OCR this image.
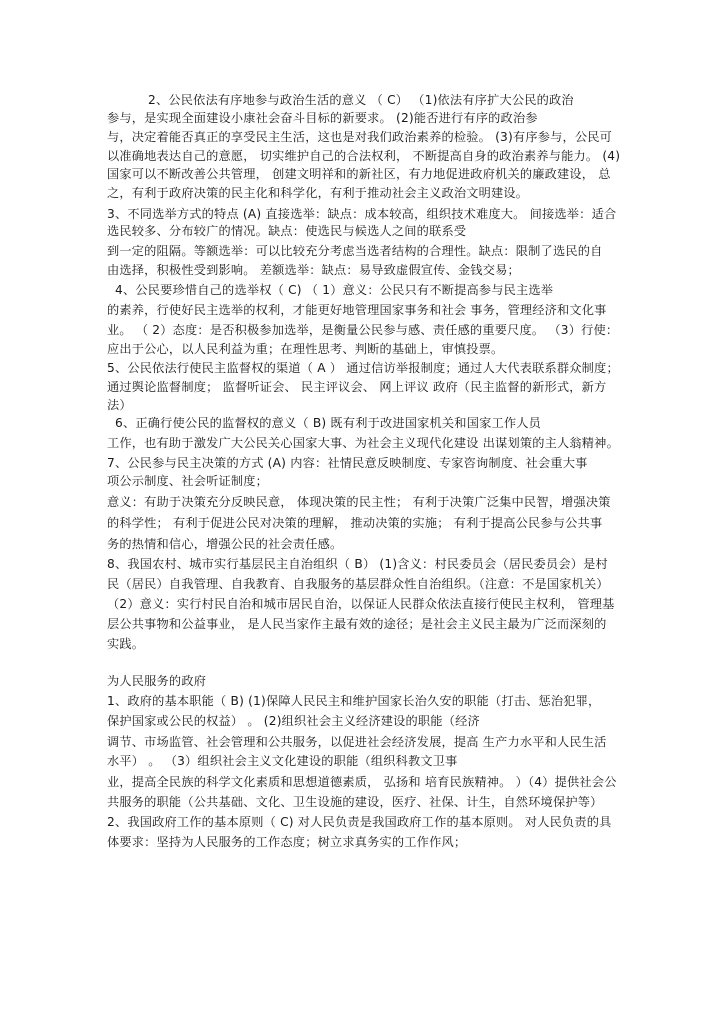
2、公民依法有序地参与政治生活的意义 （ C） （1)依法有序扩大公民的政治
参与，是实现全面建设小康社会奋斗目标的新要求。 (2)能否进行有序的政治参
与，决定着能否真正的享受民主生活，这也是对我们政治素养的检验。 (3)有序参与，公民可
以准确地表达自己的意愿， 切实维护自己的合法权利， 不断提高自身的政治素养与能力。 (4)
国家可以不断改善公共管理， 创建文明祥和的新社区，有力地促进政府机关的廉政建设， 总
之，有利于政府决策的民主化和科学化，有利于推动社会主义政治文明建设。
3、不同选举方式的特点 (A) 直接选举：缺点：成本较高，组织技术难度大。 间接选举：适合
选民较多、分布较广的情况。缺点：使选民与候选人之间的联系受
到一定的阻隔。等额选举：可以比较充分考虑当选者结构的合理性。缺点：限制了选民的自
由选择，积极性受到影响。 差额选举：缺点：易导致虚假宣传、金钱交易；
4、公民要珍惜自己的选举权（ C) （ 1）意义：公民只有不断提高参与民主选举
的素养，行使好民主选举的权利，才能更好地管理国家事务和社会 事务，管理经济和文化事
业。 （ 2）态度：是否积极参加选举，是衡量公民参与感、责任感的重要尺度。 （3）行使：
应出于公心，以人民利益为重；在理性思考、判断的基础上，审慎投票。
5、公民依法行使民主监督权的渠道（ A ） 通过信访举报制度；通过人大代表联系群众制度；
通过舆论监督制度； 监督听证会、 民主评议会、 网上评议 政府（民主监督的新形式，新方
法）
6、正确行使公民的监督权的意义（ B) 既有利于改进国家机关和国家工作人员
工作，也有助于激发广大公民关心国家大事、为社会主义现代化建设 出谋划策的主人翁精神。
7、公民参与民主决策的方式 (A) 内容：社情民意反映制度、专家咨询制度、社会重大事
项公示制度、社会听证制度；
意义：有助于决策充分反映民意， 体现决策的民主性； 有利于决策广泛集中民智，增强决策
的科学性； 有利于促进公民对决策的理解， 推动决策的实施； 有利于提高公民参与公共事
务的热情和信心，增强公民的社会责任感。
8、我国农村、城市实行基层民主自治组织（ B） (1)含义：村民委员会（居民委员会）是村
民（居民）自我管理、自我教育、自我服务的基层群众性自治组织。（注意：不是国家机关）
（2）意义：实行村民自治和城市居民自治，以保证人民群众依法直接行使民主权利， 管理基
层公共事物和公益事业， 是人民当家作主最有效的途径；是社会主义民主最为广泛而深刻的
实践。
为人民服务的政府
1、政府的基本职能（ B) (1)保障人民民主和维护国家长治久安的职能（打击、惩治犯罪，
保护国家或公民的权益） 。 (2)组织社会主义经济建设的职能（经济
调节、市场监管、社会管理和公共服务，以促进社会经济发展，提高 生产力水平和人民生活
水平） 。 （3）组织社会主义文化建设的职能（组织科教文卫事
业，提高全民族的科学文化素质和思想道德素质， 弘扬和 培育民族精神。 ）（4）提供社会公
共服务的职能（公共基础、文化、卫生设施的建设，医疗、社保、计生，自然环境保护等）
2、我国政府工作的基本原则（ C) 对人民负责是我国政府工作的基本原则。 对人民负责的具
体要求：坚持为人民服务的工作态度；树立求真务实的工作作风；
